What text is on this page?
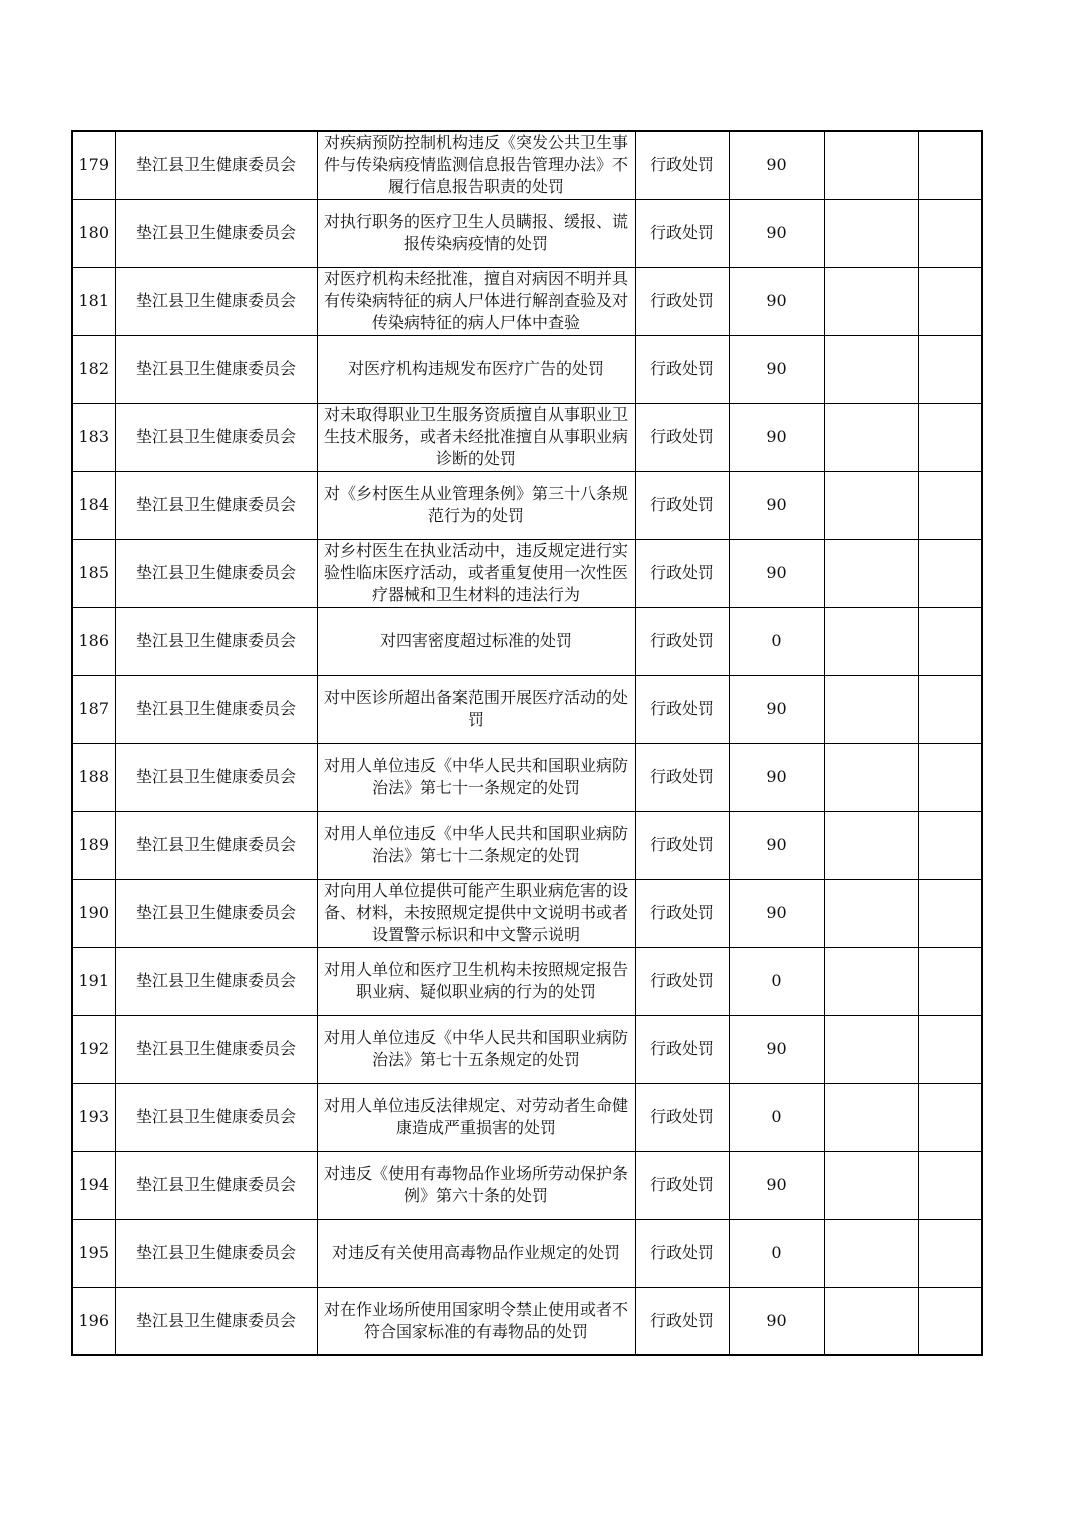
179	垫江县卫生健康委员会	对疾病预防控制机构违反《突发公共卫生事件与传染病疫情监测信息报告管理办法》不履行信息报告职责的处罚	行政处罚	90		
180	垫江县卫生健康委员会	对执行职务的医疗卫生人员瞒报、缓报、谎报传染病疫情的处罚	行政处罚	90		
181	垫江县卫生健康委员会	对医疗机构未经批准，擅自对病因不明并具有传染病特征的病人尸体进行解剖查验及对传染病特征的病人尸体中查验	行政处罚	90		
182	垫江县卫生健康委员会	对医疗机构违规发布医疗广告的处罚	行政处罚	90		
183	垫江县卫生健康委员会	对未取得职业卫生服务资质擅自从事职业卫生技术服务，或者未经批准擅自从事职业病诊断的处罚	行政处罚	90		
184	垫江县卫生健康委员会	对《乡村医生从业管理条例》第三十八条规范行为的处罚	行政处罚	90		
185	垫江县卫生健康委员会	对乡村医生在执业活动中，违反规定进行实验性临床医疗活动，或者重复使用一次性医疗器械和卫生材料的违法行为	行政处罚	90		
186	垫江县卫生健康委员会	对四害密度超过标准的处罚	行政处罚	0		
187	垫江县卫生健康委员会	对中医诊所超出备案范围开展医疗活动的处罚	行政处罚	90		
188	垫江县卫生健康委员会	对用人单位违反《中华人民共和国职业病防治法》第七十一条规定的处罚	行政处罚	90		
189	垫江县卫生健康委员会	对用人单位违反《中华人民共和国职业病防治法》第七十二条规定的处罚	行政处罚	90		
190	垫江县卫生健康委员会	对向用人单位提供可能产生职业病危害的设备、材料，未按照规定提供中文说明书或者设置警示标识和中文警示说明	行政处罚	90		
191	垫江县卫生健康委员会	对用人单位和医疗卫生机构未按照规定报告职业病、疑似职业病的行为的处罚	行政处罚	0		
192	垫江县卫生健康委员会	对用人单位违反《中华人民共和国职业病防治法》第七十五条规定的处罚	行政处罚	90		
193	垫江县卫生健康委员会	对用人单位违反法律规定、对劳动者生命健康造成严重损害的处罚	行政处罚	0		
194	垫江县卫生健康委员会	对违反《使用有毒物品作业场所劳动保护条例》第六十条的处罚	行政处罚	90		
195	垫江县卫生健康委员会	对违反有关使用高毒物品作业规定的处罚	行政处罚	0		
196	垫江县卫生健康委员会	对在作业场所使用国家明令禁止使用或者不符合国家标准的有毒物品的处罚	行政处罚	90		
